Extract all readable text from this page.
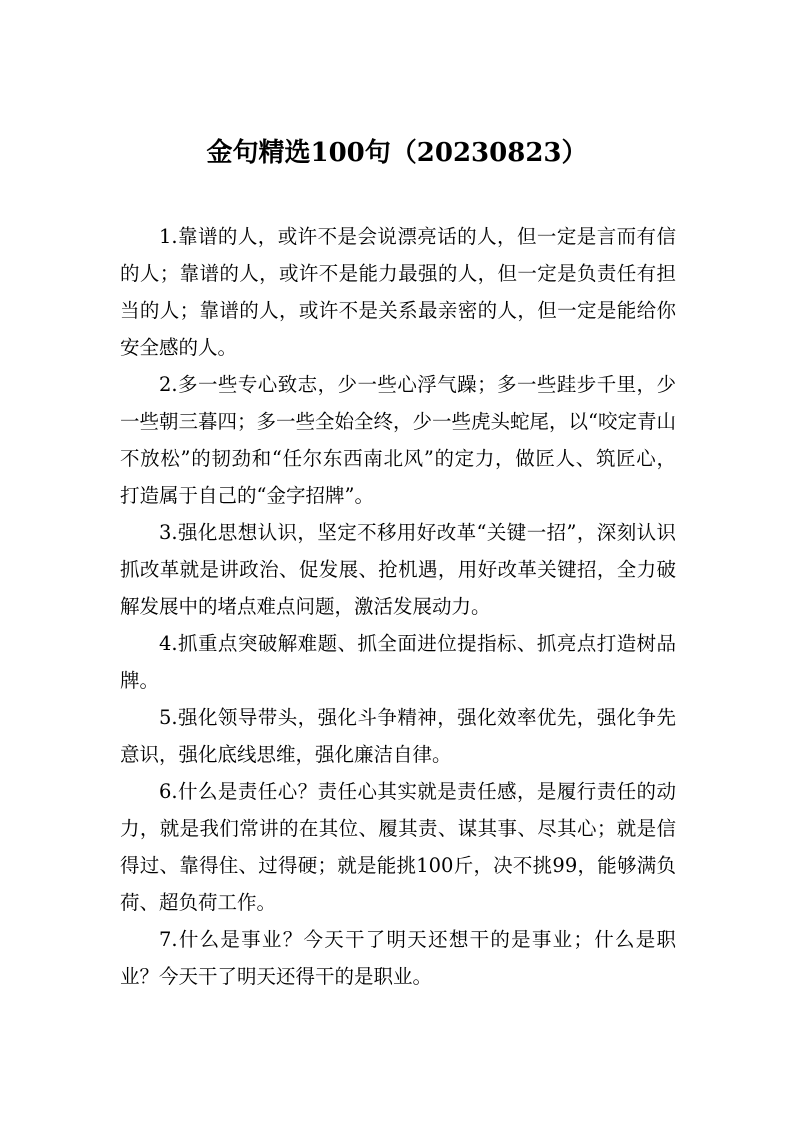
金句精选100句（20230823）

1.靠谱的人，或许不是会说漂亮话的人，但一定是言而有信的人；靠谱的人，或许不是能力最强的人，但一定是负责任有担当的人；靠谱的人，或许不是关系最亲密的人，但一定是能给你安全感的人。

2.多一些专心致志，少一些心浮气躁；多一些跬步千里，少一些朝三暮四；多一些全始全终，少一些虎头蛇尾，以“咬定青山不放松”的韧劲和“任尔东西南北风”的定力，做匠人、筑匠心，打造属于自己的“金字招牌”。

3.强化思想认识，坚定不移用好改革“关键一招”，深刻认识抓改革就是讲政治、促发展、抢机遇，用好改革关键招，全力破解发展中的堵点难点问题，激活发展动力。

4.抓重点突破解难题、抓全面进位提指标、抓亮点打造树品牌。

5.强化领导带头，强化斗争精神，强化效率优先，强化争先意识，强化底线思维，强化廉洁自律。

6.什么是责任心？责任心其实就是责任感，是履行责任的动力，就是我们常讲的在其位、履其责、谋其事、尽其心；就是信得过、靠得住、过得硬；就是能挑100斤，决不挑99，能够满负荷、超负荷工作。

7.什么是事业？今天干了明天还想干的是事业；什么是职业？今天干了明天还得干的是职业。
